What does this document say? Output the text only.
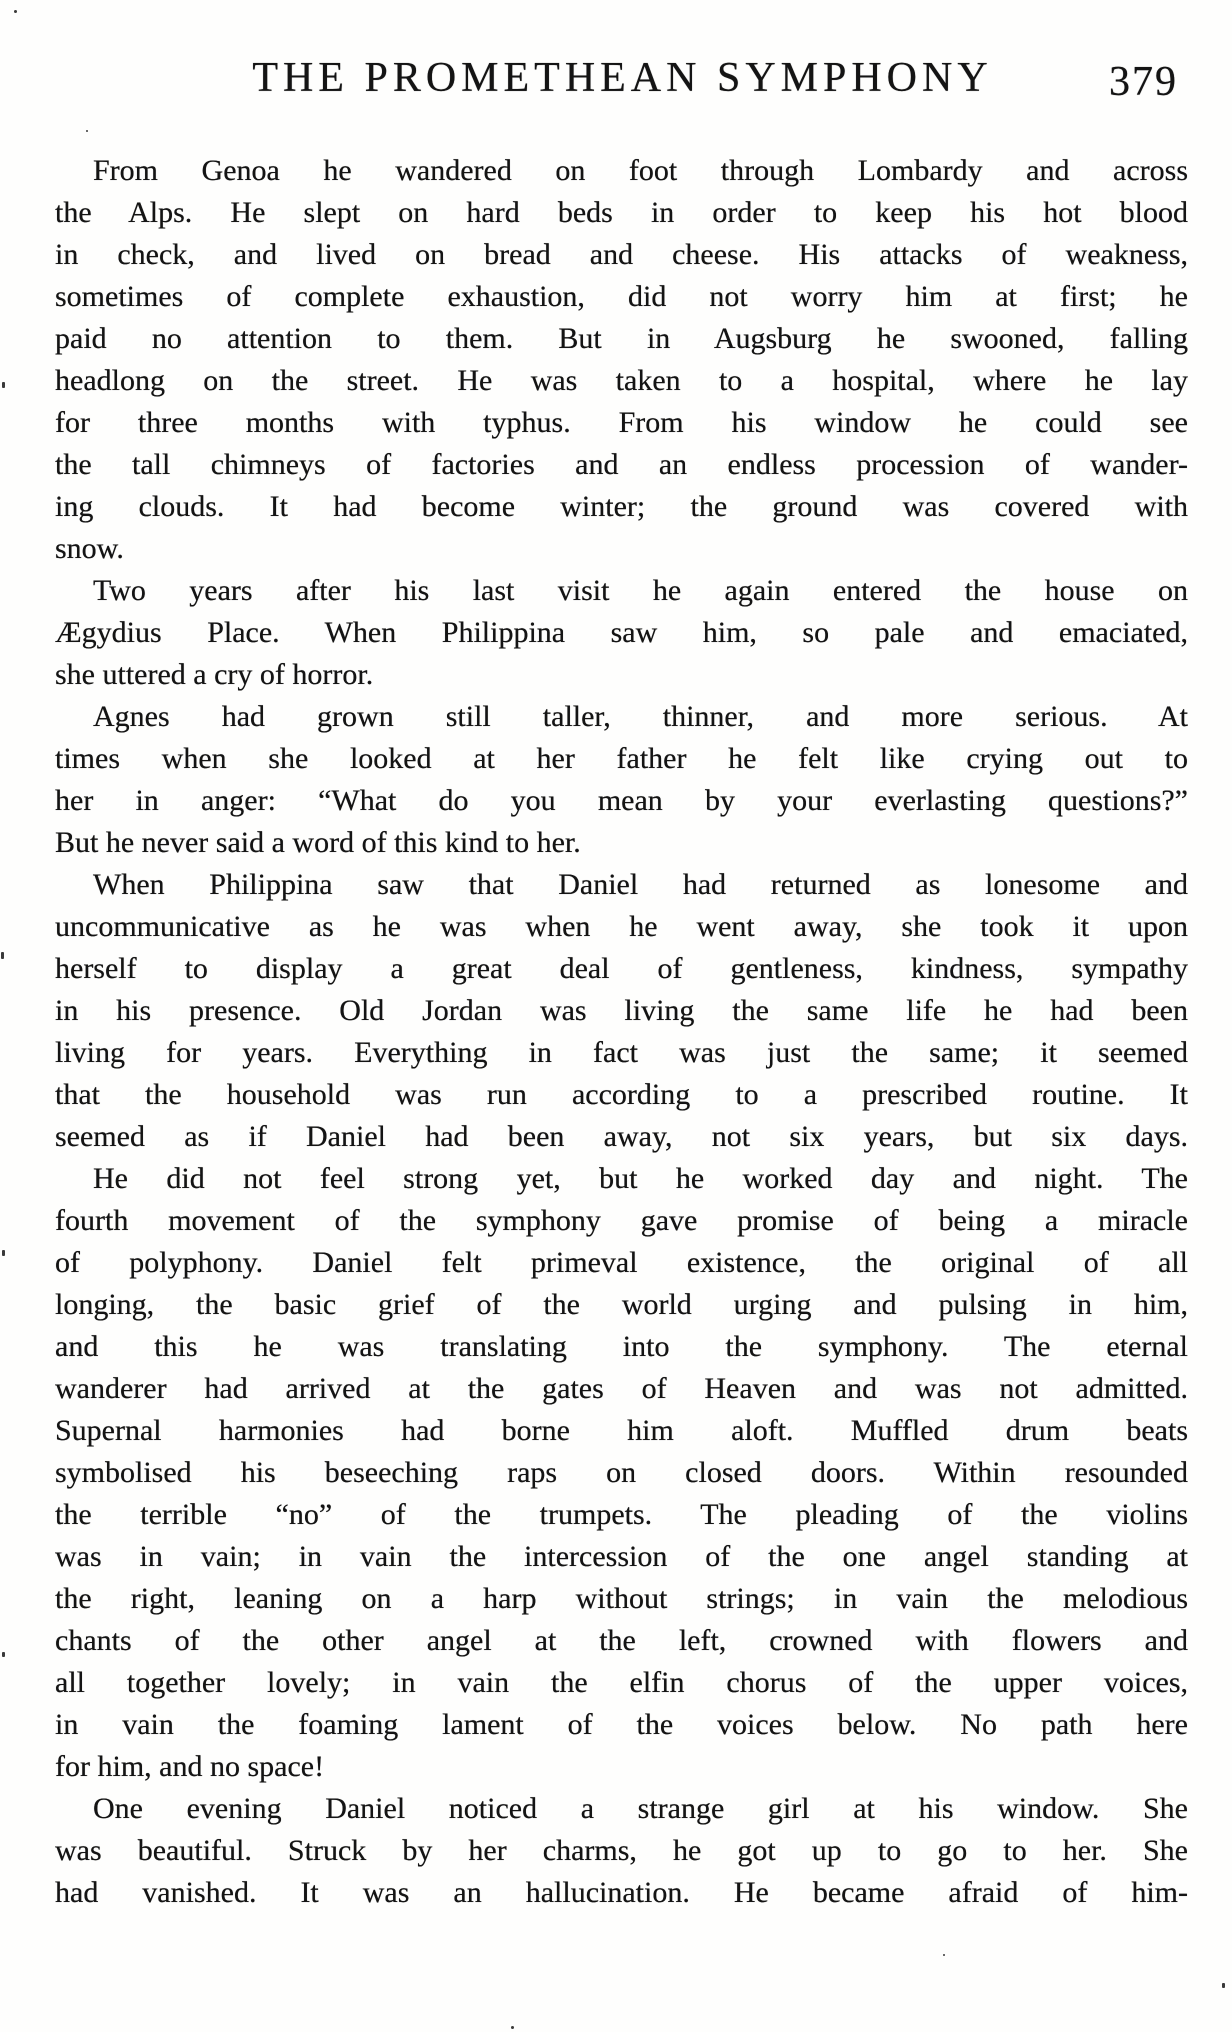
THE PROMETHEAN SYMPHONY	379
From Genoa he wandered on foot through Lombardy and across
the Alps. He slept on hard beds in order to keep his hot blood
in check, and lived on bread and cheese. His attacks of weakness,
sometimes of complete exhaustion, did not worry him at first; he
paid no attention to them. But in Augsburg he swooned, falling
headlong on the street. He was taken to a hospital, where he lay
for three months with typhus. From his window he could see
the tall chimneys of factories and an endless procession of wander-
ing clouds. It had become winter; the ground was covered with
snow.
Two years after his last visit he again entered the house on
Ægydius Place. When Philippina saw him, so pale and emaciated,
she uttered a cry of horror.
Agnes had grown still taller, thinner, and more serious. At
times when she looked at her father he felt like crying out to
her in anger: “What do you mean by your everlasting questions?”
But he never said a word of this kind to her.
When Philippina saw that Daniel had returned as lonesome and
uncommunicative as he was when he went away, she took it upon
herself to display a great deal of gentleness, kindness, sympathy
in his presence. Old Jordan was living the same life he had been
living for years. Everything in fact was just the same; it seemed
that the household was run according to a prescribed routine. It
seemed as if Daniel had been away, not six years, but six days.
He did not feel strong yet, but he worked day and night. The
fourth movement of the symphony gave promise of being a miracle
of polyphony. Daniel felt primeval existence, the original of all
longing, the basic grief of the world urging and pulsing in him,
and this he was translating into the symphony. The eternal
wanderer had arrived at the gates of Heaven and was not admitted.
Supernal harmonies had borne him aloft. Muffled drum beats
symbolised his beseeching raps on closed doors. Within resounded
the terrible “no” of the trumpets. The pleading of the violins
was in vain; in vain the intercession of the one angel standing at
the right, leaning on a harp without strings; in vain the melodious
chants of the other angel at the left, crowned with flowers and
all together lovely; in vain the elfin chorus of the upper voices,
in vain the foaming lament of the voices below. No path here
for him, and no space!
One evening Daniel noticed a strange girl at his window. She
was beautiful. Struck by her charms, he got up to go to her. She
had vanished. It was an hallucination. He became afraid of him-
